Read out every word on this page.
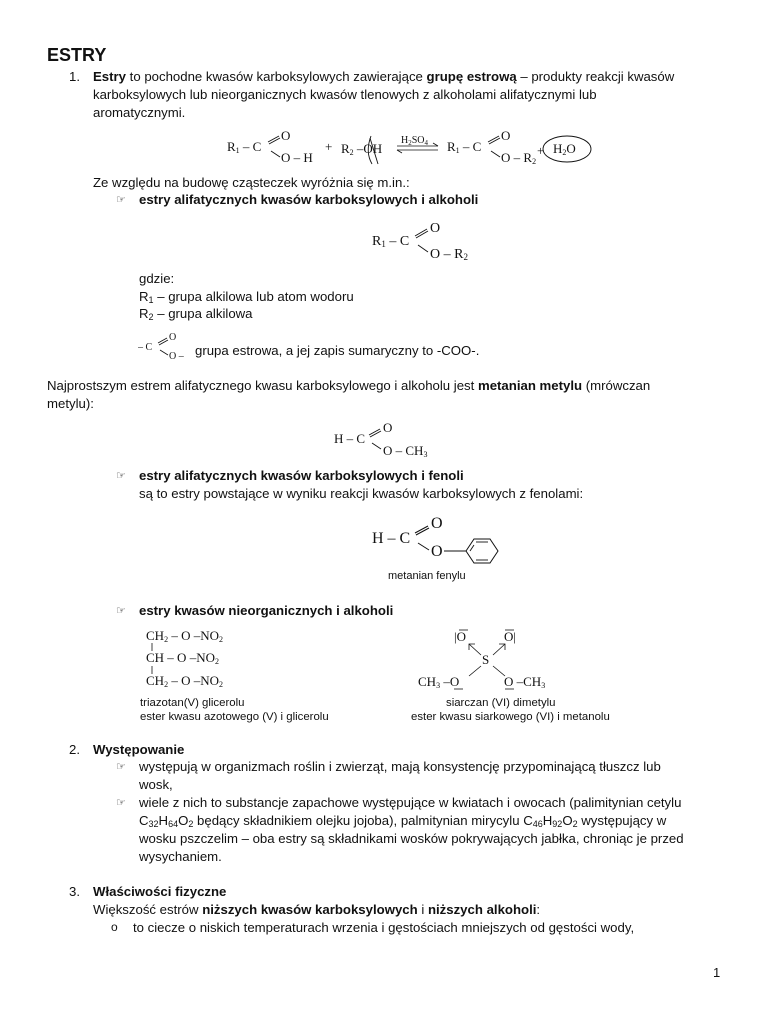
ESTRY
1. Estry to pochodne kwasów karboksylowych zawierające grupę estrową – produkty reakcji kwasów
karboksylowych lub nieorganicznych kwasów tlenowych z alkoholami alifatycznymi lub
aromatycznymi.
R1 – C
O
O – H
+ R2 –OH
$H_2SO_4$ R1 – C
O
O – R2
+ H2O
Ze względu na budowę cząsteczek wyróżnia się m.in.:
☞ estry alifatycznych kwasów karboksylowych i alkoholi
R1 – C
O
O – R2
gdzie:
$R_1$ – grupa alkilowa lub atom wodoru
$R_2$ – grupa alkilowa
– C
O
O – grupa estrowa, a jej zapis sumaryczny to -COO-.
Najprostszym estrem alifatycznego kwasu karboksylowego i alkoholu jest metanian metylu (mrówczan
metylu):
H – C
O
O – CH3
☞ estry alifatycznych kwasów karboksylowych i fenoli
są to estry powstające w wyniku reakcji kwasów karboksylowych z fenolami:
H – C
O
O
metanian fenylu
☞ estry kwasów nieorganicznych i alkoholi
CH2 – O –NO2
CH – O –NO2
CH2 – O –NO2
|O	O|
S
CH3 –O	O –CH3
triazotan(V) glicerolu
ester kwasu azotowego (V) i glicerolu
siarczan (VI) dimetylu
ester kwasu siarkowego (VI) i metanolu
2. Występowanie
☞ występują w organizmach roślin i zwierząt, mają konsystencję przypominającą tłuszcz lub
wosk,
☞ wiele z nich to substancje zapachowe występujące w kwiatach i owocach (palimitynian cetylu
$C_{32}H_{64}O_2$ będący składnikiem olejku jojoba), palmitynian mirycylu $C_{46}H_{92}O_2$ występujący w
wosku pszczelim – oba estry są składnikami wosków pokrywających jabłka, chroniąc je przed
wysychaniem.
3. Właściwości fizyczne
Większość estrów niższych kwasów karboksylowych i niższych alkoholi:
o to ciecze o niskich temperaturach wrzenia i gęstościach mniejszych od gęstości wody,
1
